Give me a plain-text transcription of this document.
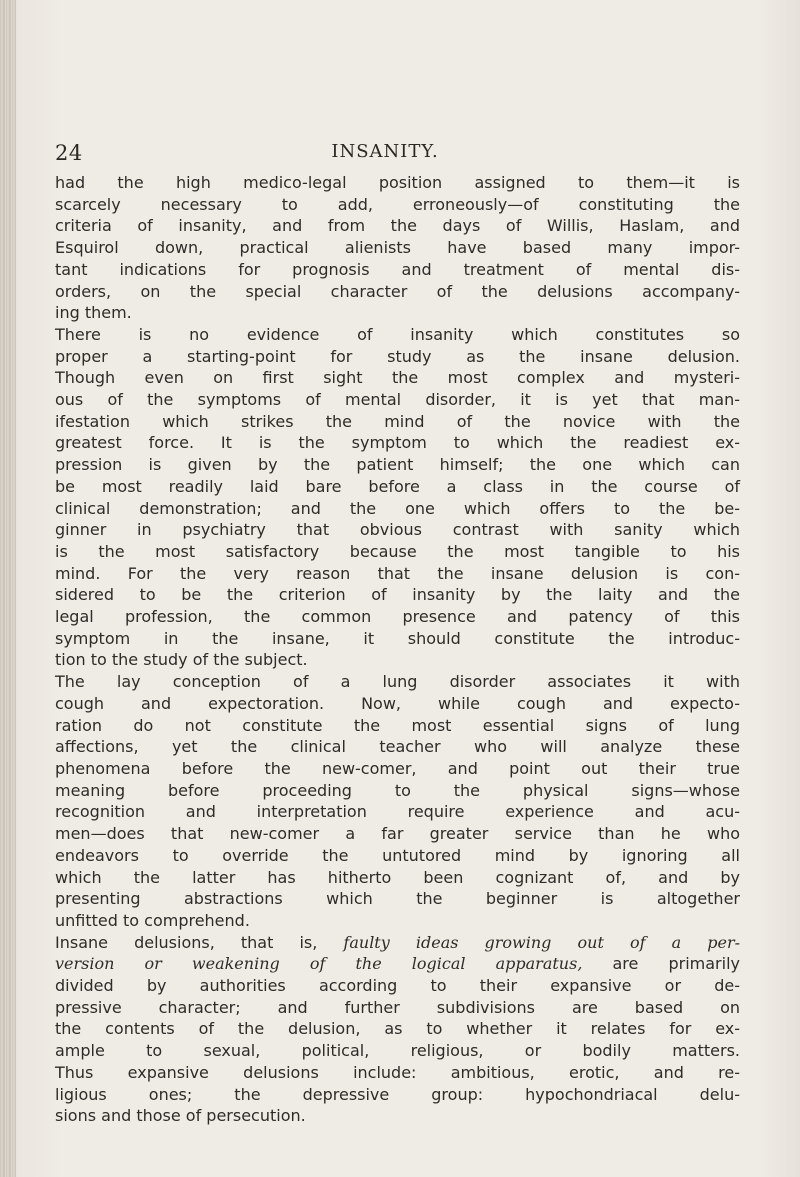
24	INSANITY.
had the high medico-legal position assigned to them—it is
scarcely necessary to add, erroneously—of constituting the
criteria of insanity, and from the days of Willis, Haslam, and
Esquirol down, practical alienists have based many impor-
tant indications for prognosis and treatment of mental dis-
orders, on the special character of the delusions accompany-
ing them.
There is no evidence of insanity which constitutes so
proper a starting-point for study as the insane delusion.
Though even on first sight the most complex and mysteri-
ous of the symptoms of mental disorder, it is yet that man-
ifestation which strikes the mind of the novice with the
greatest force. It is the symptom to which the readiest ex-
pression is given by the patient himself; the one which can
be most readily laid bare before a class in the course of
clinical demonstration; and the one which offers to the be-
ginner in psychiatry that obvious contrast with sanity which
is the most satisfactory because the most tangible to his
mind. For the very reason that the insane delusion is con-
sidered to be the criterion of insanity by the laity and the
legal profession, the common presence and patency of this
symptom in the insane, it should constitute the introduc-
tion to the study of the subject.
The lay conception of a lung disorder associates it with
cough and expectoration. Now, while cough and expecto-
ration do not constitute the most essential signs of lung
affections, yet the clinical teacher who will analyze these
phenomena before the new-comer, and point out their true
meaning before proceeding to the physical signs—whose
recognition and interpretation require experience and acu-
men—does that new-comer a far greater service than he who
endeavors to override the untutored mind by ignoring all
which the latter has hitherto been cognizant of, and by
presenting abstractions which the beginner is altogether
unfitted to comprehend.
Insane delusions, that is, faulty ideas growing out of a per-
version or weakening of the logical apparatus, are primarily
divided by authorities according to their expansive or de-
pressive character; and further subdivisions are based on
the contents of the delusion, as to whether it relates for ex-
ample to sexual, political, religious, or bodily matters.
Thus expansive delusions include: ambitious, erotic, and re-
ligious ones; the depressive group: hypochondriacal delu-
sions and those of persecution.
